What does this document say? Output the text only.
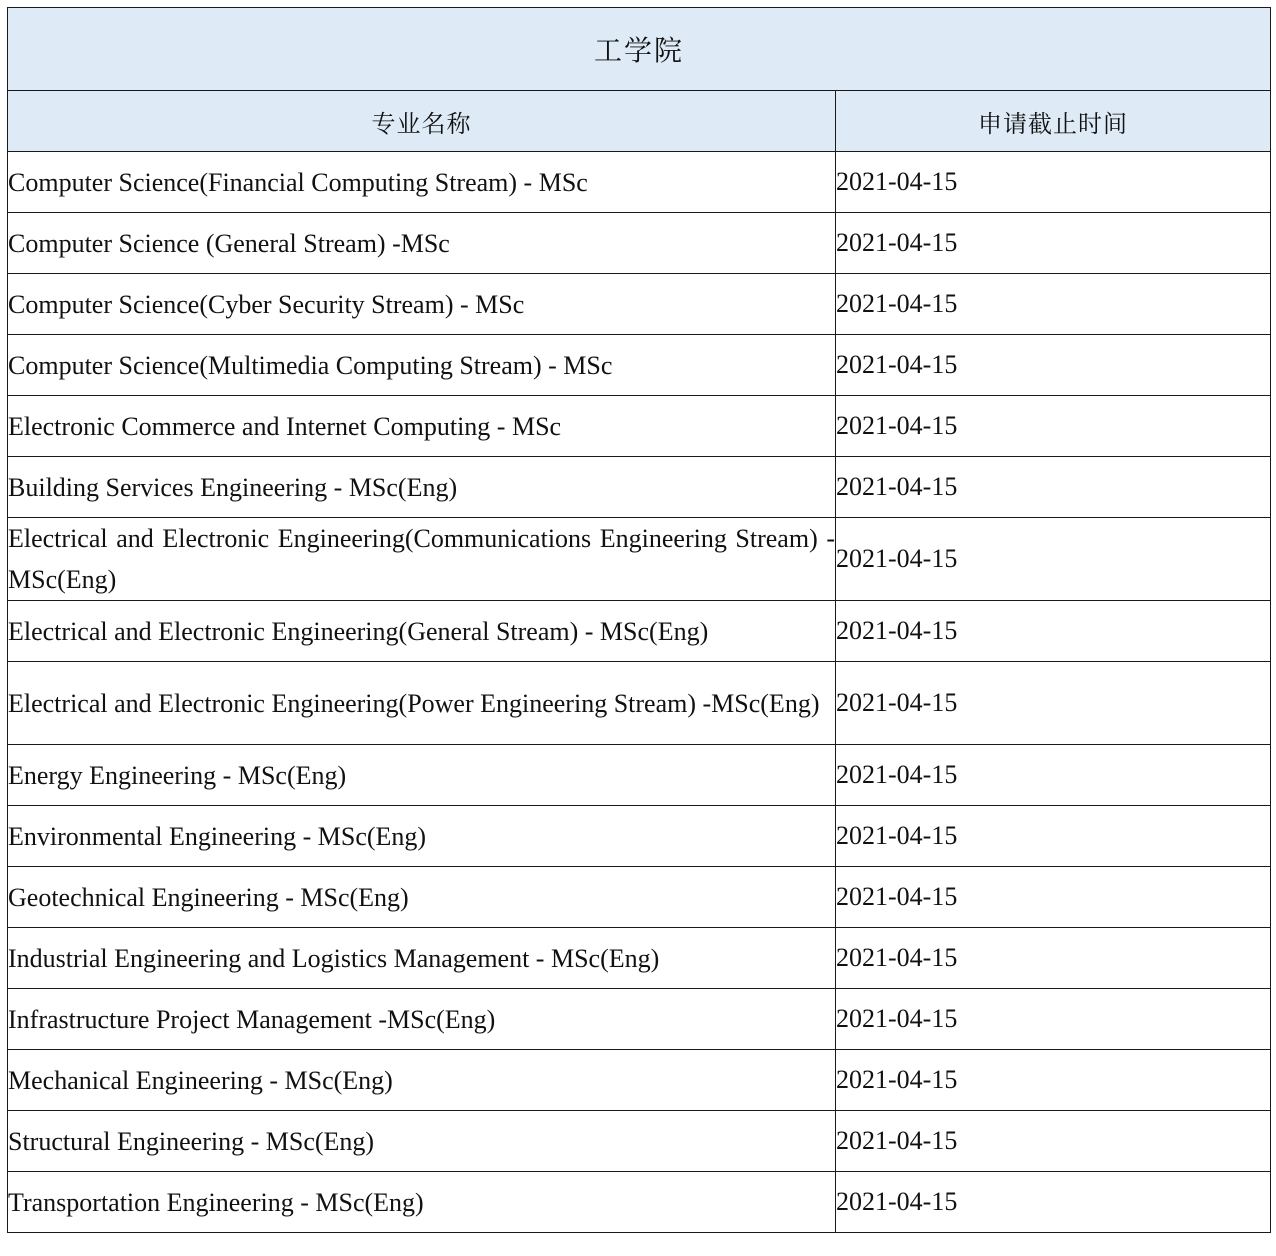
工学院	
专业名称	申请截止时间
Computer Science(Financial Computing Stream) - MSc	2021-04-15
Computer Science (General Stream) -MSc	2021-04-15
Computer Science(Cyber Security Stream) - MSc	2021-04-15
Computer Science(Multimedia Computing Stream) - MSc	2021-04-15
Electronic Commerce and Internet Computing - MSc	2021-04-15
Building Services Engineering - MSc(Eng)	2021-04-15
Electrical and Electronic Engineering(Communications Engineering Stream) -MSc(Eng)	2021-04-15
Electrical and Electronic Engineering(General Stream) - MSc(Eng)	2021-04-15
Electrical and Electronic Engineering(Power Engineering Stream) -MSc(Eng)	2021-04-15
Energy Engineering - MSc(Eng)	2021-04-15
Environmental Engineering - MSc(Eng)	2021-04-15
Geotechnical Engineering - MSc(Eng)	2021-04-15
Industrial Engineering and Logistics Management - MSc(Eng)	2021-04-15
Infrastructure Project Management -MSc(Eng)	2021-04-15
Mechanical Engineering - MSc(Eng)	2021-04-15
Structural Engineering - MSc(Eng)	2021-04-15
Transportation Engineering - MSc(Eng)	2021-04-15
